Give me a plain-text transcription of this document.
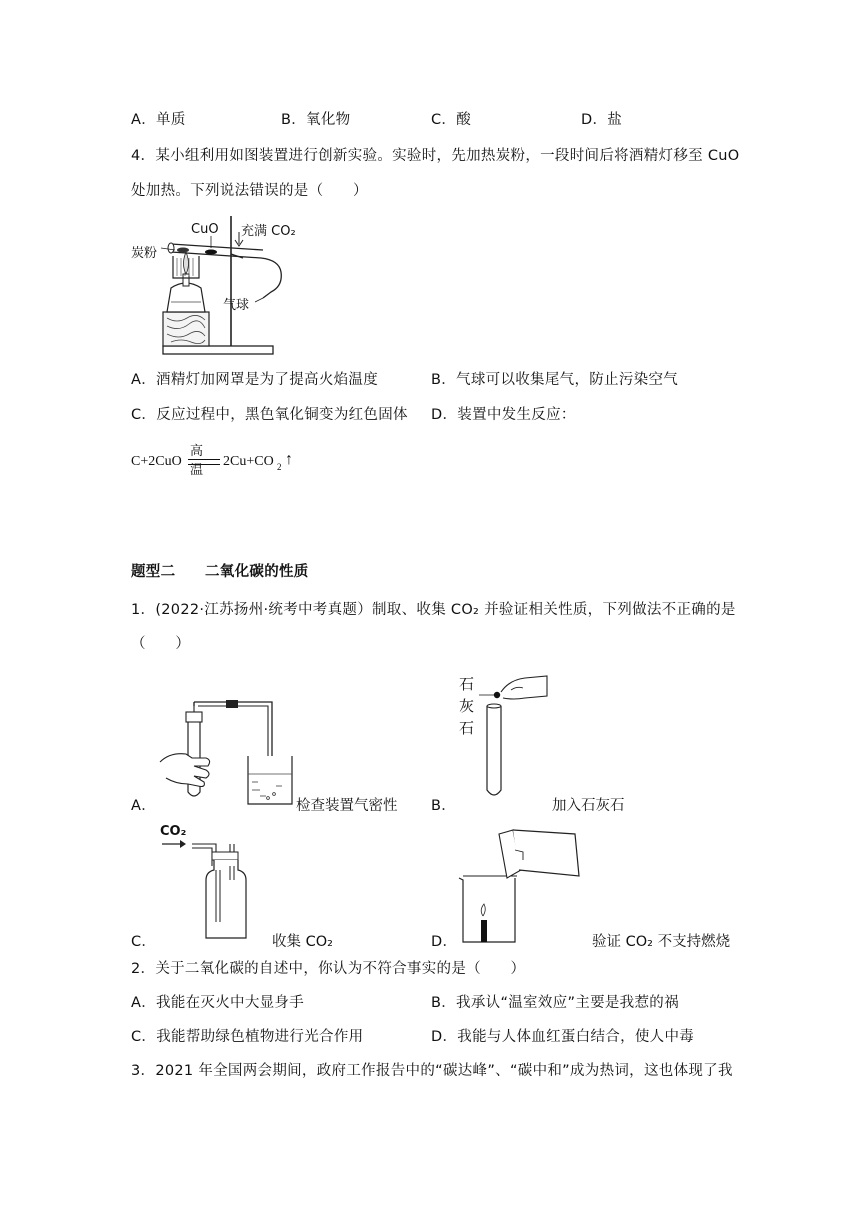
A．单质	B．氧化物	C．酸	D．盐
4．某小组利用如图装置进行创新实验。实验时，先加热炭粉，一段时间后将酒精灯移至 CuO
处加热。下列说法错误的是（　　）
CuO 充满 CO₂
炭粉
气球
A．酒精灯加网罩是为了提高火焰温度	B．气球可以收集尾气，防止污染空气
C．反应过程中，黑色氧化铜变为红色固体 D．装置中发生反应：
C+2CuO
高温
2Cu+CO 2 ↑
题型二　　二氧化碳的性质
1．(2022·江苏扬州·统考中考真题）制取、收集 CO₂ 并验证相关性质，下列做法不正确的是
（　　）
A．	检查装置气密性 B．
石
灰
石
加入石灰石
C．
CO₂
收集 CO₂	D．	验证 CO₂ 不支持燃烧
2．关于二氧化碳的自述中，你认为不符合事实的是（　　）
A．我能在灭火中大显身手	B．我承认“温室效应”主要是我惹的祸
C．我能帮助绿色植物进行光合作用	D．我能与人体血红蛋白结合，使人中毒
3．2021 年全国两会期间，政府工作报告中的“碳达峰”、“碳中和”成为热词，这也体现了我
